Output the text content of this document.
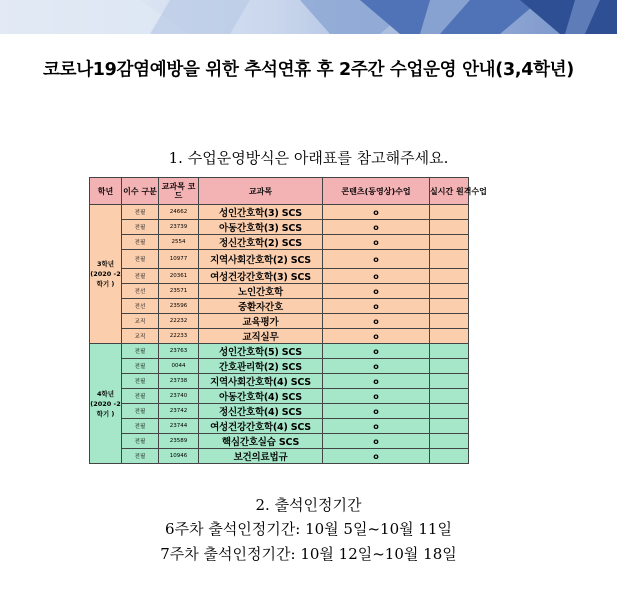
코로나19감염예방을 위한 추석연휴 후 2주간 수업운영 안내(3,4학년)
1. 수업운영방식은 아래표를 참고해주세요.
학년	이수 구분	교과목 코드	교과목	콘텐츠(동영상)수업	실시간 원격수업
3학년 (2020 -2학기 )	전필	24662	성인간호학(3) SCS	o	
	전필	23739	아동간호학(3) SCS	o	
	전필	2554	정신간호학(2) SCS	o	
	전필	10977	지역사회간호학(2) SCS	o	
	전필	20361	여성건강간호학(3) SCS	o	
	전선	23571	노인간호학	o	
	전선	23596	중환자간호	o	
	교직	22232	교육평가	o	
	교직	22233	교직실무	o	
4학년 (2020 -2학기 )	전필	23763	성인간호학(5) SCS	o	
	전필	0044	간호관리학(2) SCS	o	
	전필	23738	지역사회간호학(4) SCS	o	
	전필	23740	아동간호학(4) SCS	o	
	전필	23742	정신간호학(4) SCS	o	
	전필	23744	여성건강간호학(4) SCS	o	
	전필	23589	핵심간호실습 SCS	o	
	전필	10946	보건의료법규	o	
2. 출석인정기간
6주차 출석인정기간: 10월 5일~10월 11일
7주차 출석인정기간: 10월 12일~10월 18일
